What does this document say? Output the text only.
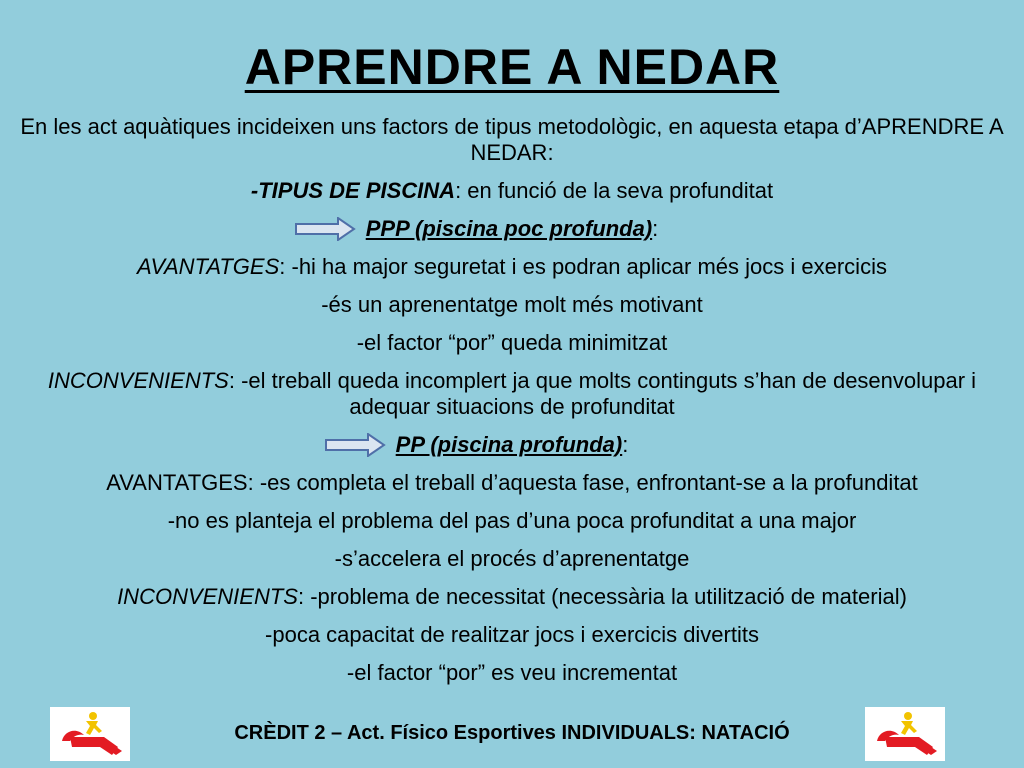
APRENDRE A NEDAR

En les act aquàtiques incideixen uns factors de tipus metodològic, en aquesta etapa d’APRENDRE A NEDAR:

-TIPUS DE PISCINA: en funció de la seva profunditat

PPP (piscina poc profunda):

AVANTATGES: -hi ha major seguretat i es podran aplicar més jocs i exercicis

-és un aprenentatge molt més motivant

-el factor “por” queda minimitzat

INCONVENIENTS: -el treball queda incomplert ja que molts continguts s’han de desenvolupar i adequar situacions de profunditat

PP (piscina profunda):

AVANTATGES: -es completa el treball d’aquesta fase, enfrontant-se a la profunditat

-no es planteja el problema del pas d’una poca profunditat a una major

-s’accelera el procés d’aprenentatge

INCONVENIENTS: -problema de necessitat (necessària la utilització de material)

-poca capacitat de realitzar jocs i exercicis divertits

-el factor “por” es veu incrementat

CRÈDIT 2 – Act. Físico Esportives INDIVIDUALS: NATACIÓ
